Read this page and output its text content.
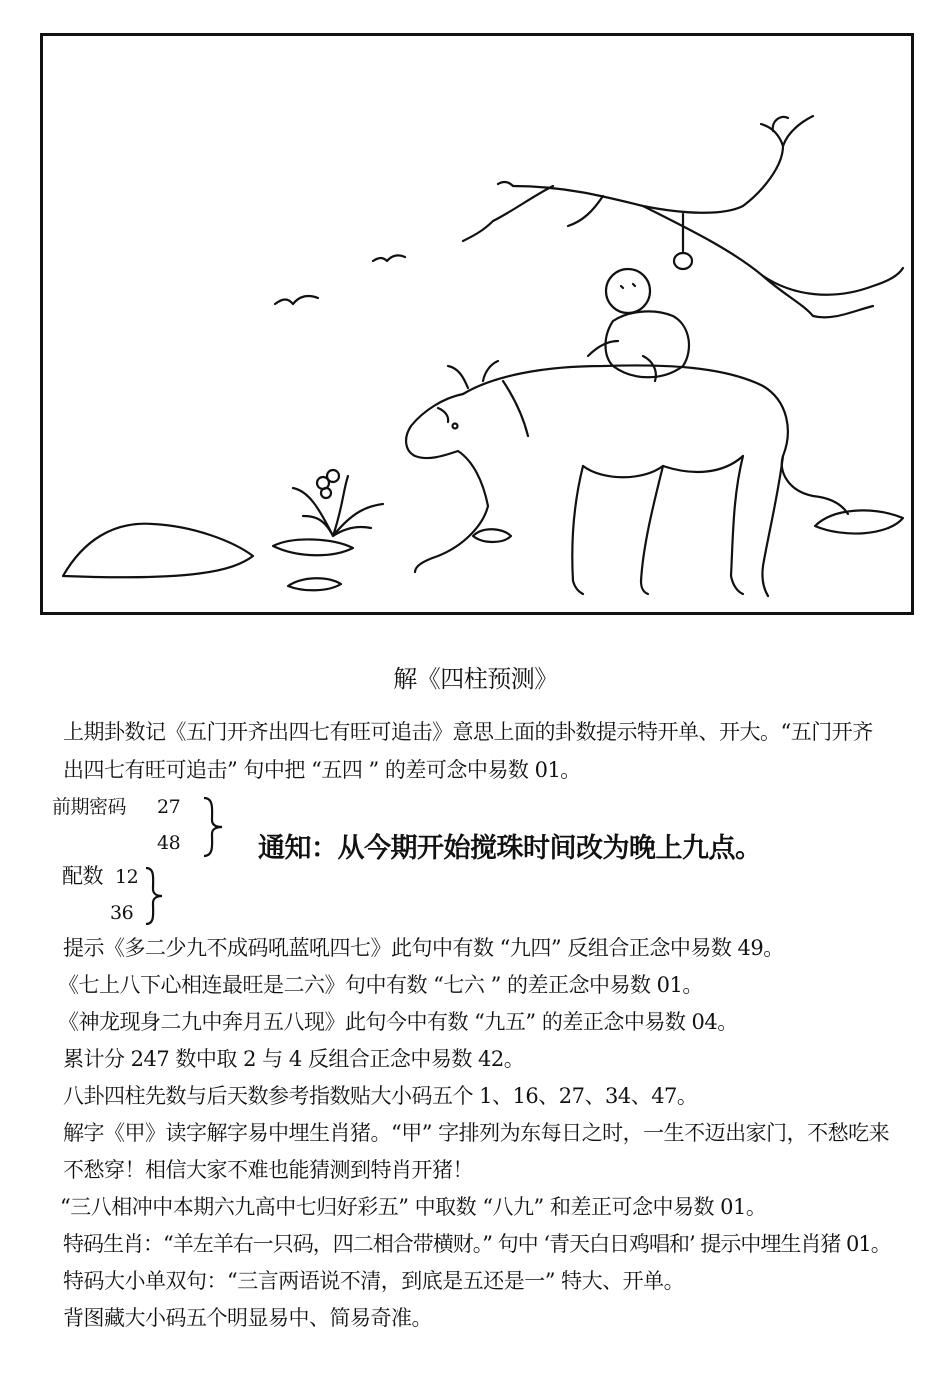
解《四柱预测》
上期卦数记《五门开齐出四七有旺可追击》意思上面的卦数提示特开单、开大。“五门开齐
出四七有旺可追击” 句中把 “五四 ” 的差可念中易数 01。
前期密码 27
48	通知：从今期开始搅珠时间改为晚上九点。
配数 12
36
提示《多二少九不成码吼蓝吼四七》此句中有数 “九四” 反组合正念中易数 49。
《七上八下心相连最旺是二六》句中有数 “七六 ” 的差正念中易数 01。
《神龙现身二九中奔月五八现》此句今中有数 “九五” 的差正念中易数 04。
累计分 247 数中取 2 与 4 反组合正念中易数 42。
八卦四柱先数与后天数参考指数贴大小码五个 1、16、27、34、47。
解字《甲》读字解字易中埋生肖猪。“甲” 字排列为东每日之时，一生不迈出家门，不愁吃来
不愁穿！相信大家不难也能猜测到特肖开猪！
“三八相冲中本期六九高中七归好彩五” 中取数 “八九” 和差正可念中易数 01。
特码生肖：“羊左羊右一只码，四二相合带横财。” 句中 ‘青天白日鸡唱和’ 提示中埋生肖猪 01。
特码大小单双句：“三言两语说不清，到底是五还是一” 特大、开单。
背图藏大小码五个明显易中、简易奇准。
